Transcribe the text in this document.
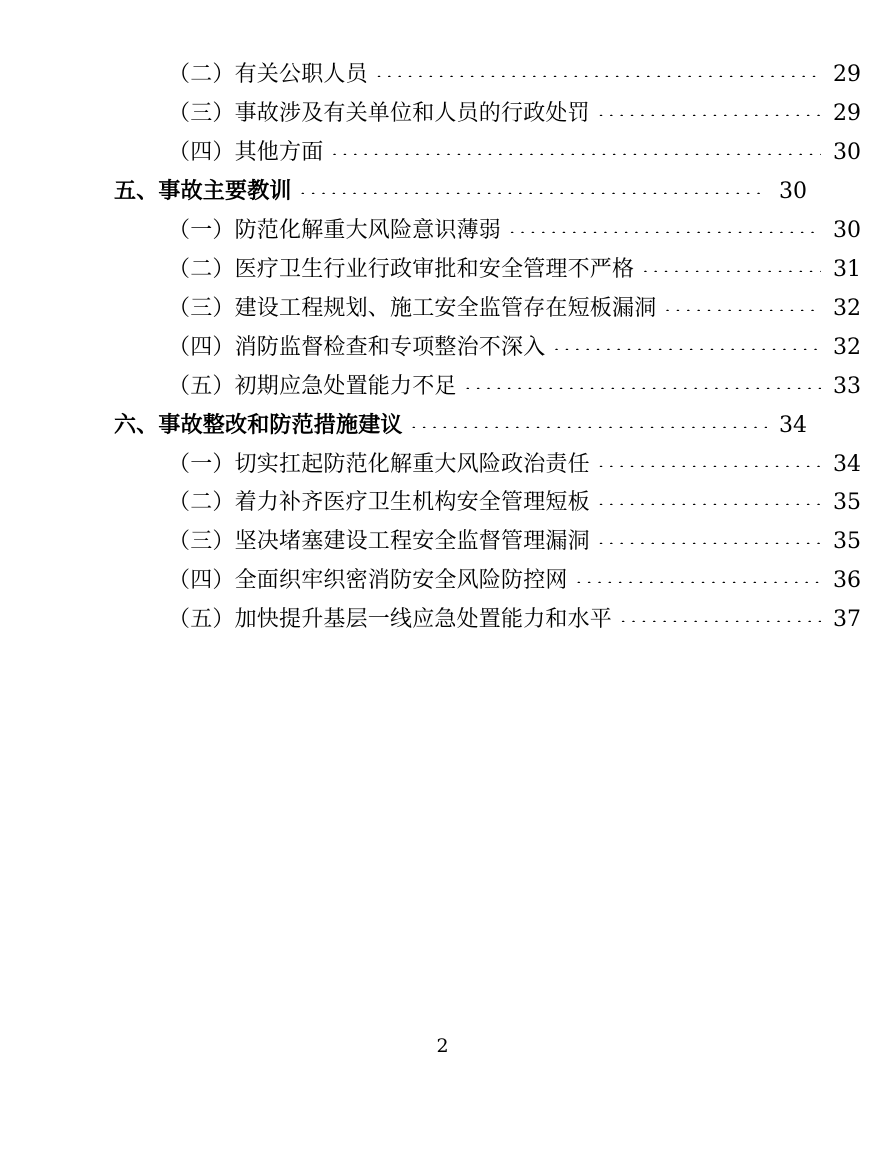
（二）有关公职人员 .....	29
（三）事故涉及有关单位和人员的行政处罚 .....	29
（四）其他方面 .....	30
五、事故主要教训 .....	30
（一）防范化解重大风险意识薄弱 .....	30
（二）医疗卫生行业行政审批和安全管理不严格 .....	31
（三）建设工程规划、施工安全监管存在短板漏洞 .....	32
（四）消防监督检查和专项整治不深入 .....	32
（五）初期应急处置能力不足 .....	33
六、事故整改和防范措施建议 .....	34
（一）切实扛起防范化解重大风险政治责任 .....	34
（二）着力补齐医疗卫生机构安全管理短板 .....	35
（三）坚决堵塞建设工程安全监督管理漏洞 .....	35
（四）全面织牢织密消防安全风险防控网 .....	36
（五）加快提升基层一线应急处置能力和水平 .....	37
2
